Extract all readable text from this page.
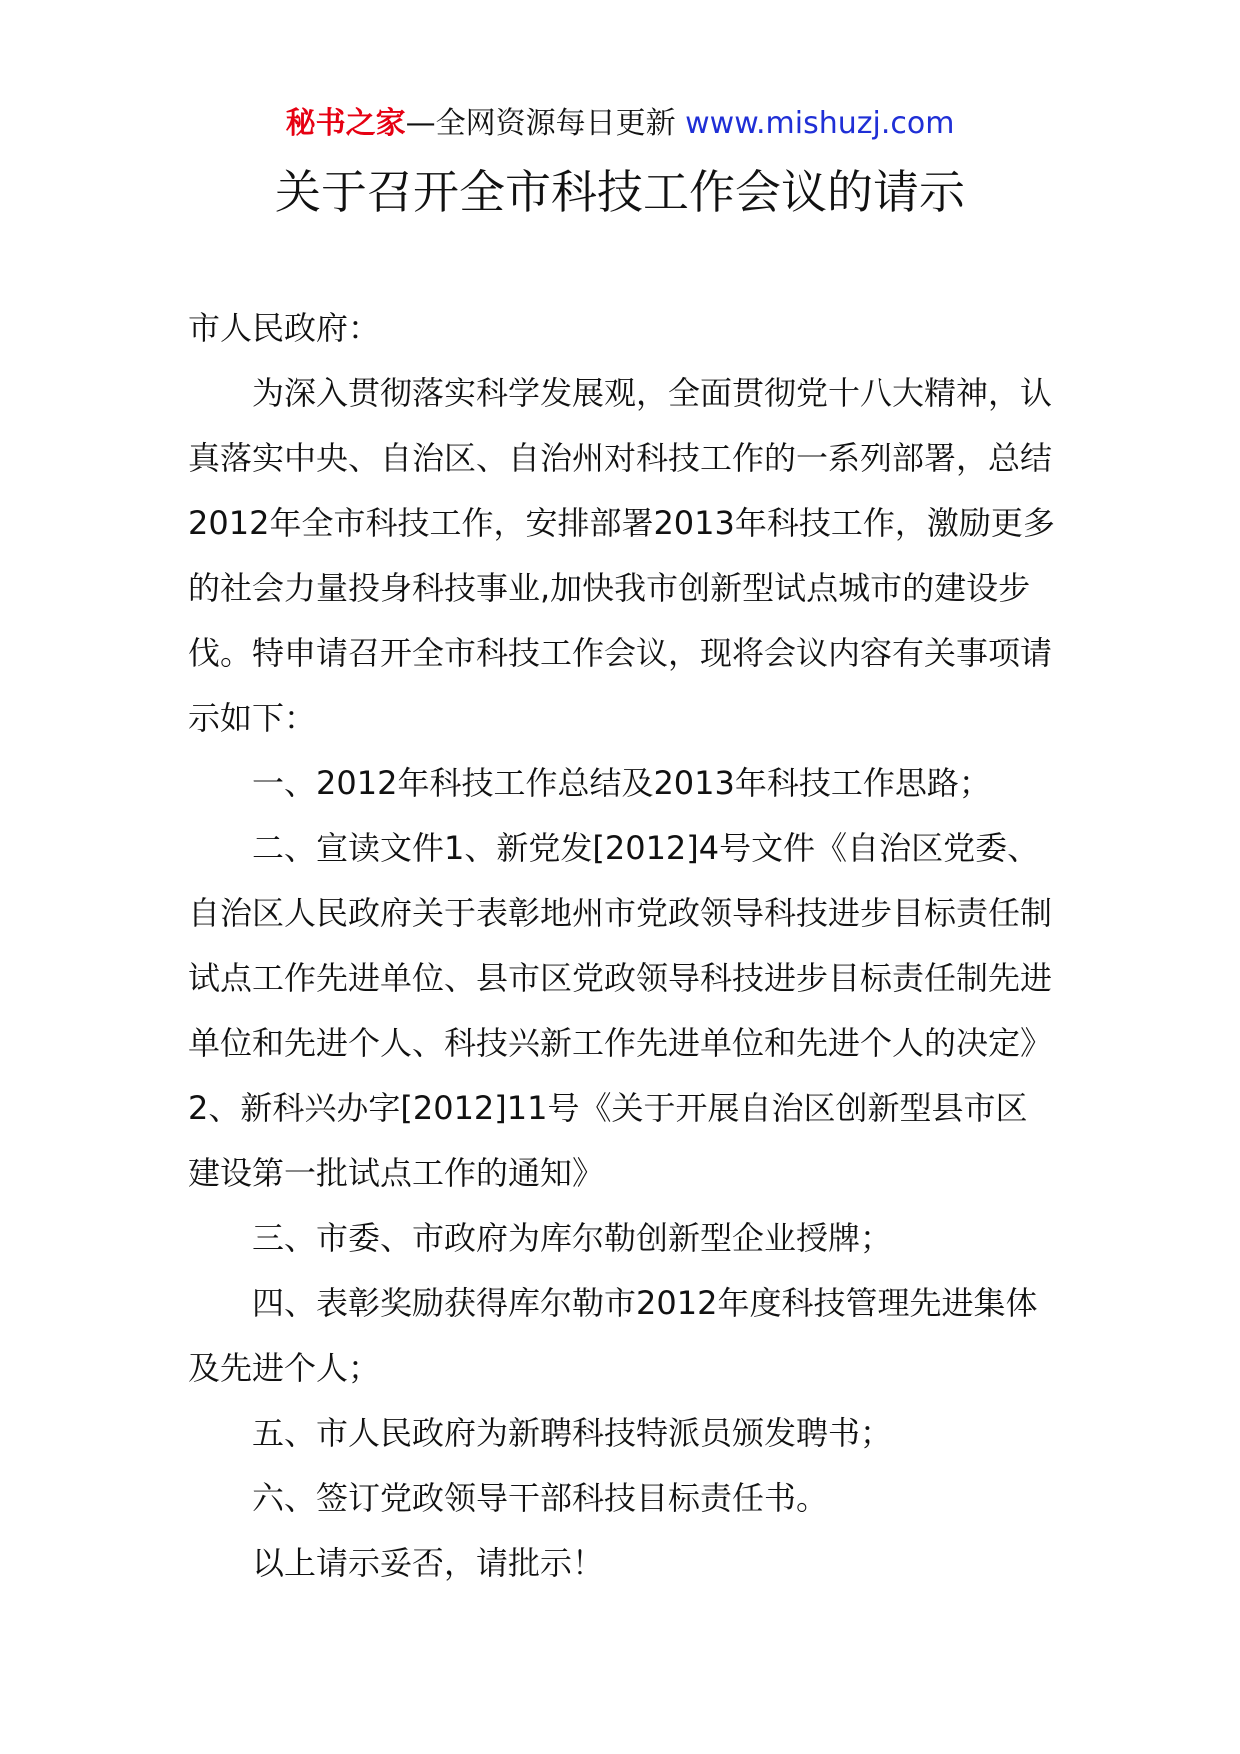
秘书之家—全网资源每日更新 www.mishuzj.com
关于召开全市科技工作会议的请示

市人民政府：

为深入贯彻落实科学发展观，全面贯彻党十八大精神，认真落实中央、自治区、自治州对科技工作的一系列部署，总结2012年全市科技工作，安排部署2013年科技工作，激励更多的社会力量投身科技事业,加快我市创新型试点城市的建设步伐。特申请召开全市科技工作会议，现将会议内容有关事项请示如下：

一、2012年科技工作总结及2013年科技工作思路；

二、宣读文件1、新党发[2012]4号文件《自治区党委、自治区人民政府关于表彰地州市党政领导科技进步目标责任制试点工作先进单位、县市区党政领导科技进步目标责任制先进单位和先进个人、科技兴新工作先进单位和先进个人的决定》2、新科兴办字[2012]11号《关于开展自治区创新型县市区建设第一批试点工作的通知》

三、市委、市政府为库尔勒创新型企业授牌；

四、表彰奖励获得库尔勒市2012年度科技管理先进集体及先进个人；

五、市人民政府为新聘科技特派员颁发聘书；

六、签订党政领导干部科技目标责任书。

以上请示妥否，请批示！
